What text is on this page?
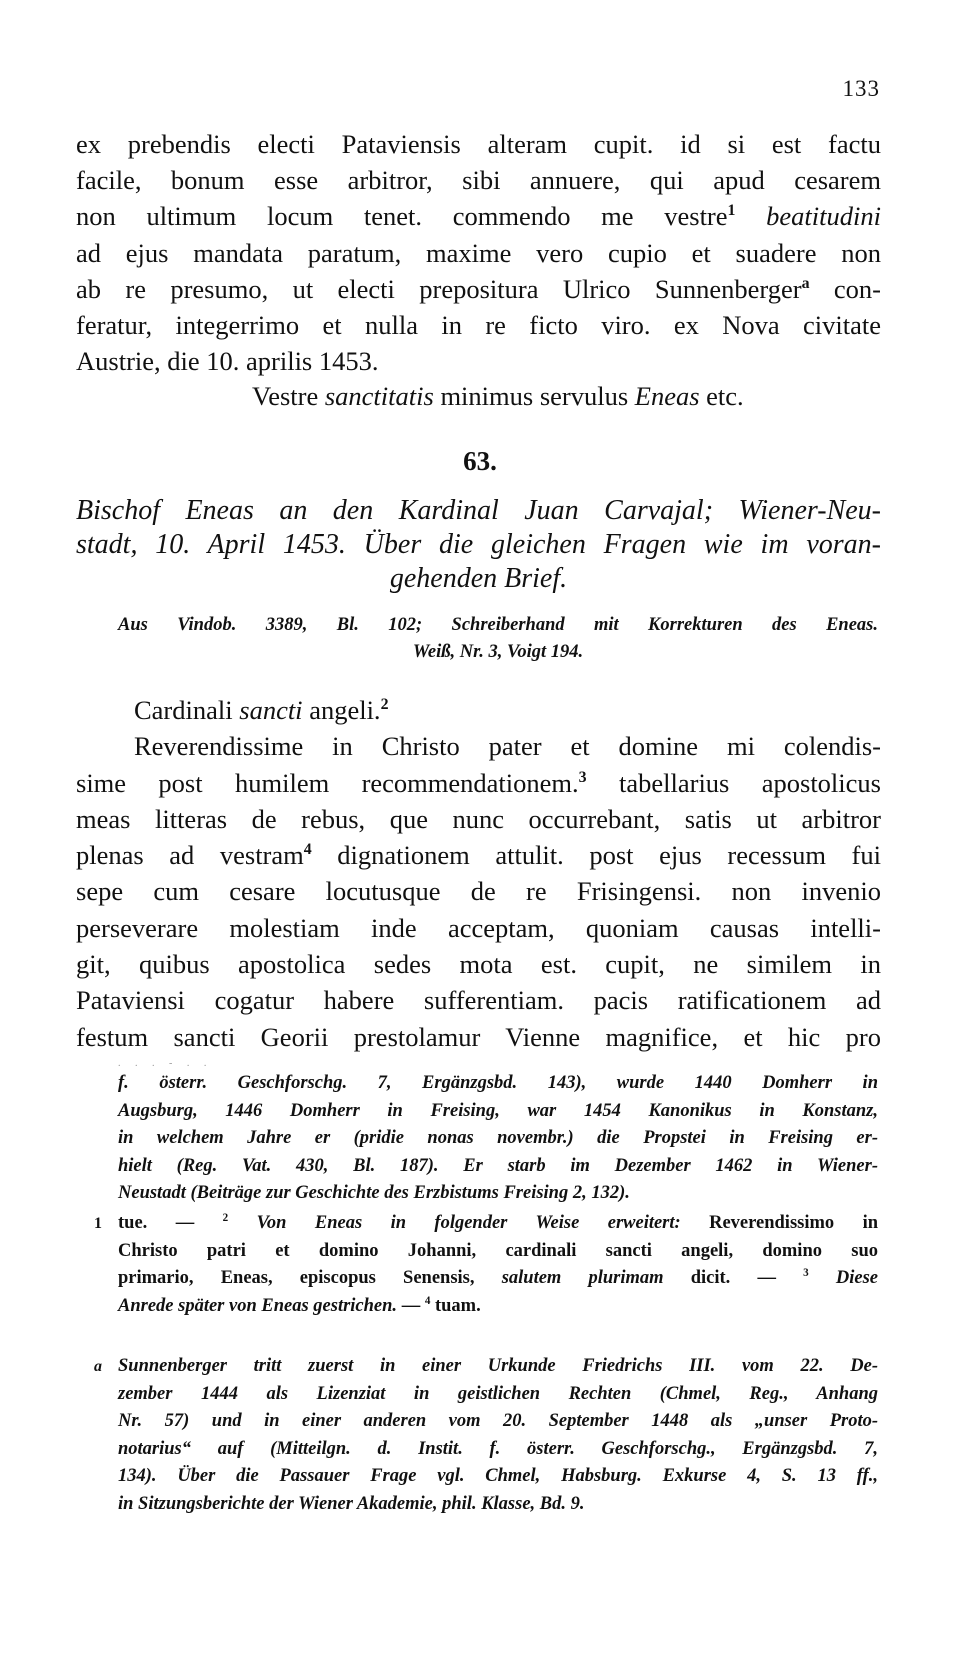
133
ex prebendis electi Pataviensis alteram cupit. id si est factu
facile, bonum esse arbitror, sibi annuere, qui apud cesarem
non ultimum locum tenet. commendo me vestre$^1$ beatitudini
ad ejus mandata paratum, maxime vero cupio et suadere non
ab re presumo, ut electi prepositura Ulrico Sunnenberger$^a$ con-
feratur, integerrimo et nulla in re ficto viro. ex Nova civitate
Austrie, die 10. aprilis 1453.
Vestre sanctitatis minimus servulus Eneas etc.
63.
Bischof Eneas an den Kardinal Juan Carvajal; Wiener-Neu-
stadt, 10. April 1453. Über die gleichen Fragen wie im voran-
gehenden Brief.
Aus Vindob. 3389, Bl. 102; Schreiberhand mit Korrekturen des Eneas.
Weiß, Nr. 3, Voigt 194.
Cardinali sancti angeli.$^2$
Reverendissime in Christo pater et domine mi colendis-
sime post humilem recommendationem.$^3$ tabellarius apostolicus
meas litteras de rebus, que nunc occurrebant, satis ut arbitror
plenas ad vestram$^4$ dignationem attulit. post ejus recessum fui
sepe cum cesare locutusque de re Frisingensi. non invenio
perseverare molestiam inde acceptam, quoniam causas intelli-
git, quibus apostolica sedes mota est. cupit, ne similem in
Pataviensi cogatur habere sufferentiam. pacis ratificationem ad
festum sancti Georii prestolamur Vienne magnifice, et hic pro
. . . - . .
f. österr. Geschforschg. 7, Ergänzgsbd. 143), wurde 1440 Domherr in
Augsburg, 1446 Domherr in Freising, war 1454 Kanonikus in Konstanz,
in welchem Jahre er (pridie nonas novembr.) die Propstei in Freising er-
hielt (Reg. Vat. 430, Bl. 187). Er starb im Dezember 1462 in Wiener-
Neustadt (Beiträge zur Geschichte des Erzbistums Freising 2, 132).
1 tue. — $^2$ Von Eneas in folgender Weise erweitert: Reverendissimo in
Christo patri et domino Johanni, cardinali sancti angeli, domino suo
primario, Eneas, episcopus Senensis, salutem plurimam dicit. — $^3$ Diese
Anrede später von Eneas gestrichen. — $^4$ tuam.
a Sunnenberger tritt zuerst in einer Urkunde Friedrichs III. vom 22. De-
zember 1444 als Lizenziat in geistlichen Rechten (Chmel, Reg., Anhang
Nr. 57) und in einer anderen vom 20. September 1448 als „unser Proto-
notarius“ auf (Mitteilgn. d. Instit. f. österr. Geschforschg., Ergänzgsbd. 7,
134). Über die Passauer Frage vgl. Chmel, Habsburg. Exkurse 4, S. 13 ff.,
in Sitzungsberichte der Wiener Akademie, phil. Klasse, Bd. 9.
